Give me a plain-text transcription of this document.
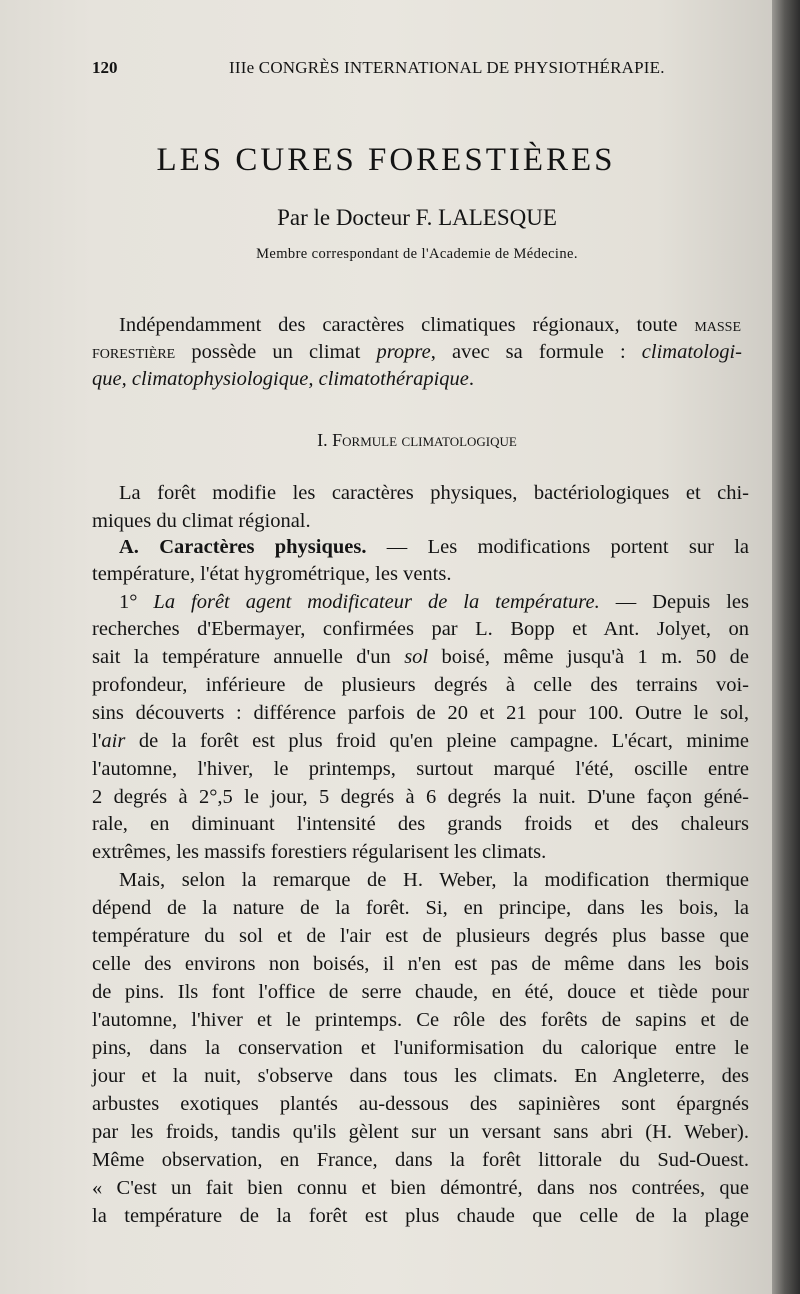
120	IIIe CONGRÈS INTERNATIONAL DE PHYSIOTHÉRAPIE.
LES CURES FORESTIÈRES
Par le Docteur F. LALESQUE
Membre correspondant de l'Academie de Médecine.
Indépendamment des caractères climatiques régionaux, toute masse
forestière possède un climat propre, avec sa formule : climatologi-
que, climatophysiologique, climatothérapique.
I. Formule climatologique
La forêt modifie les caractères physiques, bactériologiques et chi-
miques du climat régional.
A. Caractères physiques. — Les modifications portent sur la
température, l'état hygrométrique, les vents.
1° La forêt agent modificateur de la température. — Depuis les
recherches d'Ebermayer, confirmées par L. Bopp et Ant. Jolyet, on
sait la température annuelle d'un sol boisé, même jusqu'à 1 m. 50 de
profondeur, inférieure de plusieurs degrés à celle des terrains voi-
sins découverts : différence parfois de 20 et 21 pour 100. Outre le sol,
l'air de la forêt est plus froid qu'en pleine campagne. L'écart, minime
l'automne, l'hiver, le printemps, surtout marqué l'été, oscille entre
2 degrés à 2°,5 le jour, 5 degrés à 6 degrés la nuit. D'une façon géné-
rale, en diminuant l'intensité des grands froids et des chaleurs
extrêmes, les massifs forestiers régularisent les climats.
Mais, selon la remarque de H. Weber, la modification thermique
dépend de la nature de la forêt. Si, en principe, dans les bois, la
température du sol et de l'air est de plusieurs degrés plus basse que
celle des environs non boisés, il n'en est pas de même dans les bois
de pins. Ils font l'office de serre chaude, en été, douce et tiède pour
l'automne, l'hiver et le printemps. Ce rôle des forêts de sapins et de
pins, dans la conservation et l'uniformisation du calorique entre le
jour et la nuit, s'observe dans tous les climats. En Angleterre, des
arbustes exotiques plantés au-dessous des sapinières sont épargnés
par les froids, tandis qu'ils gèlent sur un versant sans abri (H. Weber).
Même observation, en France, dans la forêt littorale du Sud-Ouest.
« C'est un fait bien connu et bien démontré, dans nos contrées, que
la température de la forêt est plus chaude que celle de la plage
